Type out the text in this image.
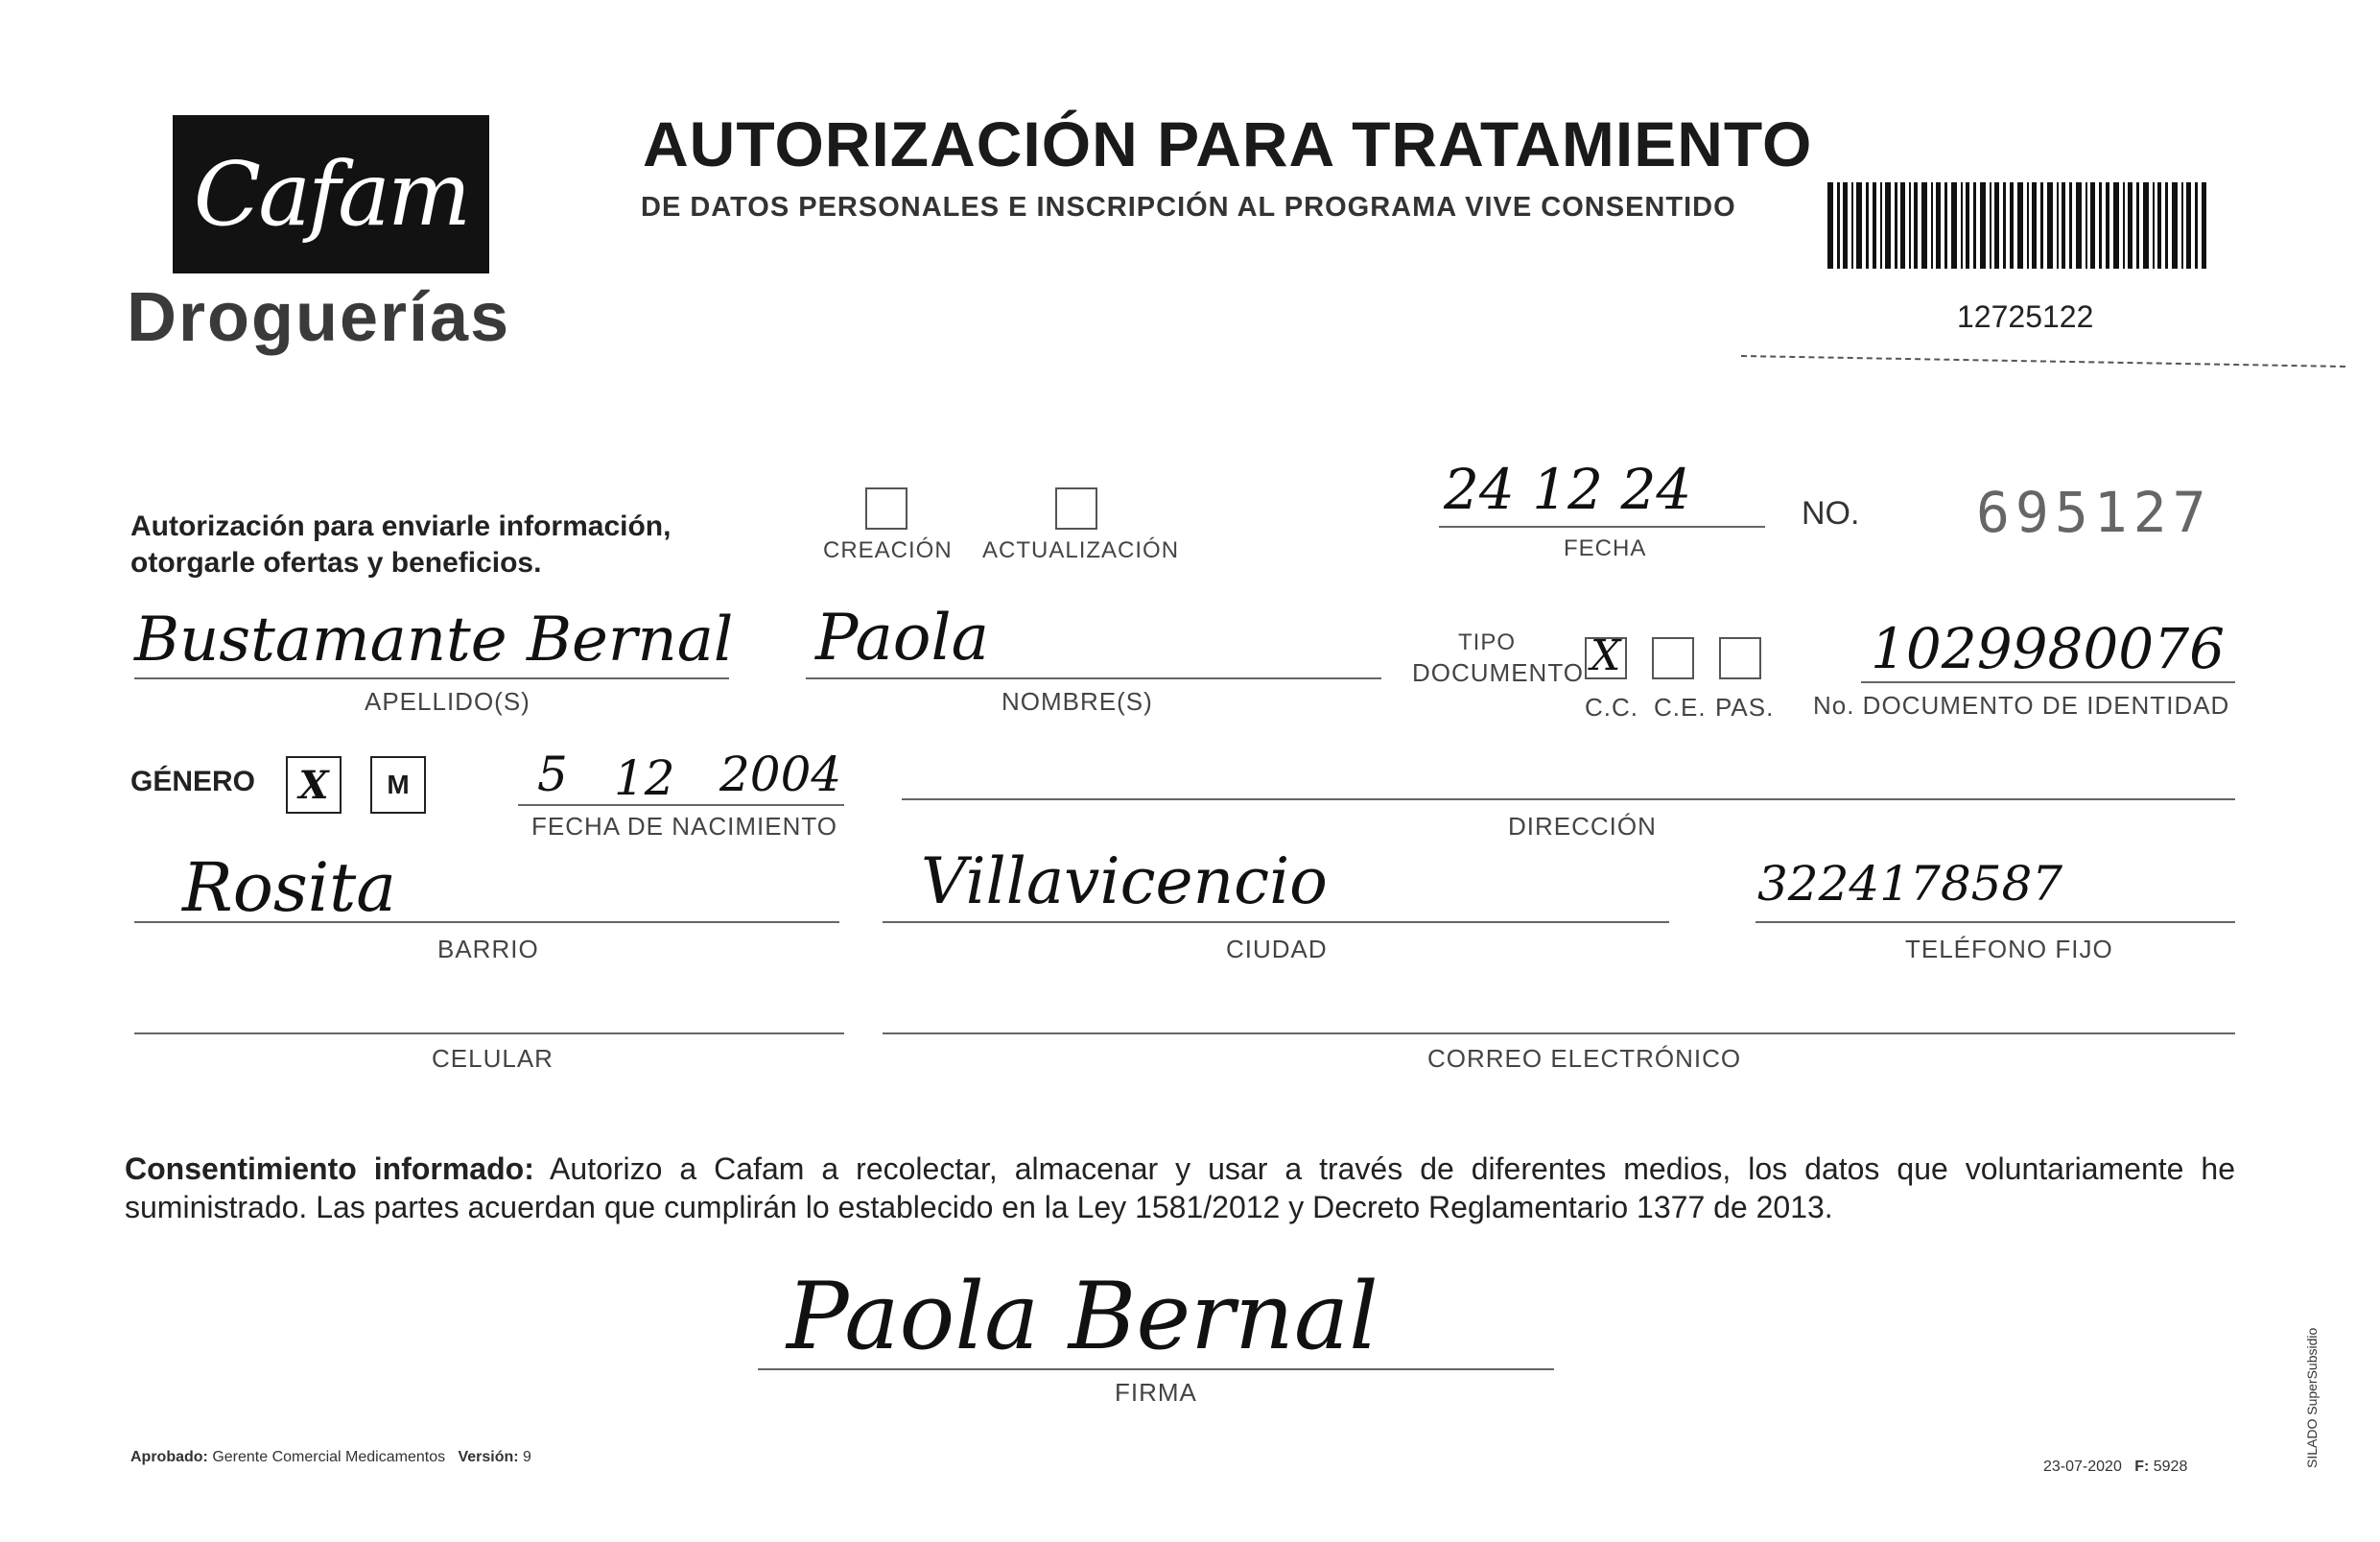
Cafam
Droguerías
AUTORIZACIÓN PARA TRATAMIENTO
DE DATOS PERSONALES E INSCRIPCIÓN AL PROGRAMA VIVE CONSENTIDO
12725122
Autorización para enviarle información,
otorgarle ofertas y beneficios.	CREACIÓN ACTUALIZACIÓN
24 12 24
FECHA
NO. 695127
Bustamante Bernal
APELLIDO(S)
Paola
NOMBRE(S)
TIPO
DOCUMENTO X
C.C. C.E. PAS.
1029980076
No. DOCUMENTO DE IDENTIDAD
GÉNERO X M	5 12 2004
FECHA DE NACIMIENTO	DIRECCIÓN
Rosita
BARRIO
Villavicencio
CIUDAD
3224178587
TELÉFONO FIJO
CELULAR	CORREO ELECTRÓNICO
Consentimiento informado: Autorizo a Cafam a recolectar, almacenar y usar a través de diferentes medios, los datos que voluntariamente he suministrado. Las partes acuerdan que cumplirán lo establecido en la Ley 1581/2012 y Decreto Reglamentario 1377 de 2013.
Paola Bernal
FIRMA
Aprobado: Gerente Comercial Medicamentos Versión: 9
23-07-2020 F: 5928	SILADO SuperSubsidio
